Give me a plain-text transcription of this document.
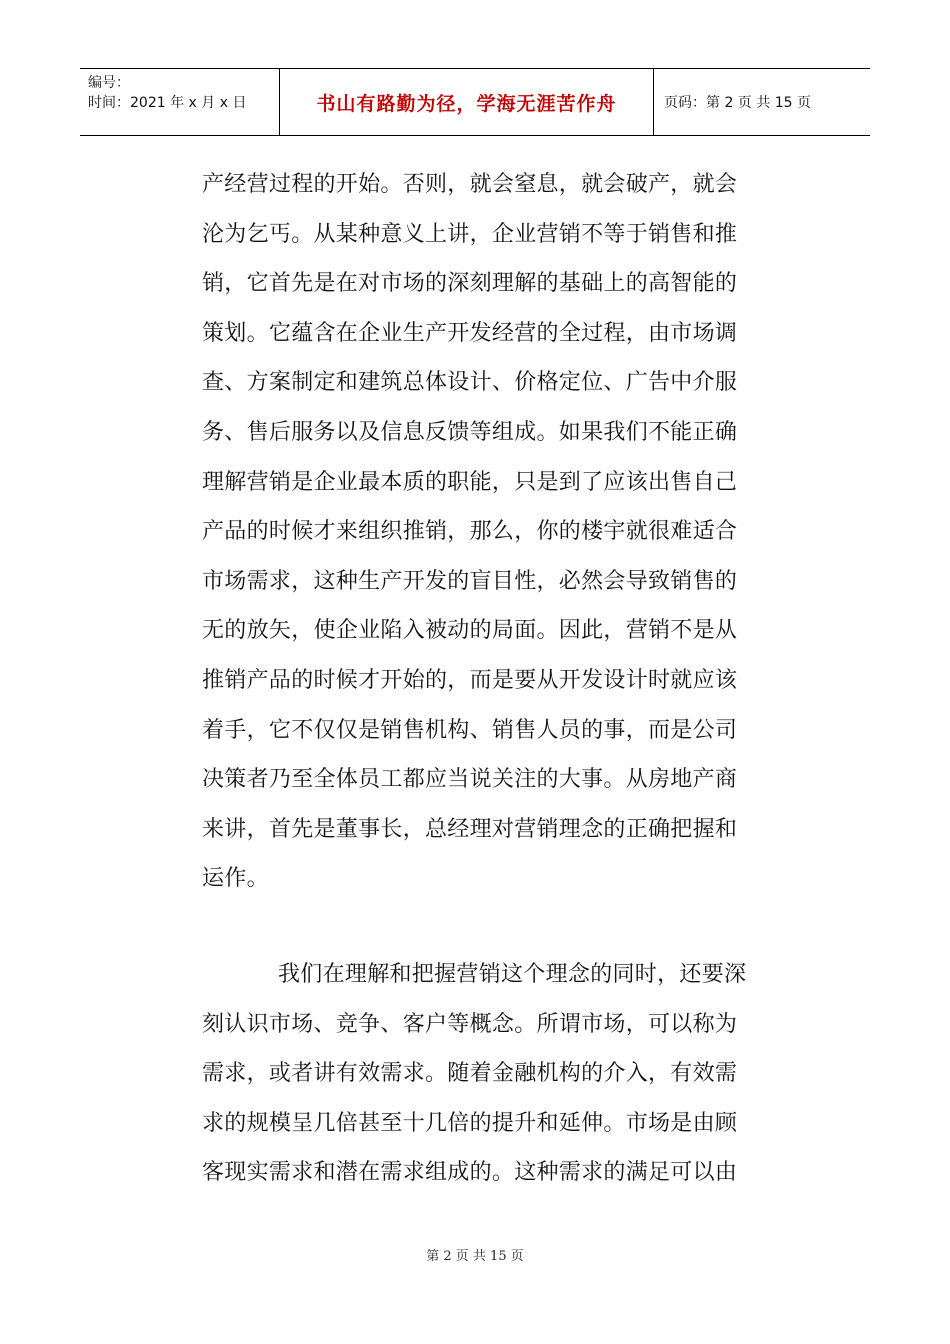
编号：
时间：2021 年 x 月 x 日	书山有路勤为径，学海无涯苦作舟	页码：第 2 页 共 15 页
产经营过程的开始。否则，就会窒息，就会破产，就会
沦为乞丐。从某种意义上讲，企业营销不等于销售和推
销，它首先是在对市场的深刻理解的基础上的高智能的
策划。它蕴含在企业生产开发经营的全过程，由市场调
查、方案制定和建筑总体设计、价格定位、广告中介服
务、售后服务以及信息反馈等组成。如果我们不能正确
理解营销是企业最本质的职能，只是到了应该出售自己
产品的时候才来组织推销，那么，你的楼宇就很难适合
市场需求，这种生产开发的盲目性，必然会导致销售的
无的放矢，使企业陷入被动的局面。因此，营销不是从
推销产品的时候才开始的，而是要从开发设计时就应该
着手，它不仅仅是销售机构、销售人员的事，而是公司
决策者乃至全体员工都应当说关注的大事。从房地产商
来讲，首先是董事长，总经理对营销理念的正确把握和
运作。
我们在理解和把握营销这个理念的同时，还要深
刻认识市场、竞争、客户等概念。所谓市场，可以称为
需求，或者讲有效需求。随着金融机构的介入，有效需
求的规模呈几倍甚至十几倍的提升和延伸。市场是由顾
客现实需求和潜在需求组成的。这种需求的满足可以由
第 2 页 共 15 页
